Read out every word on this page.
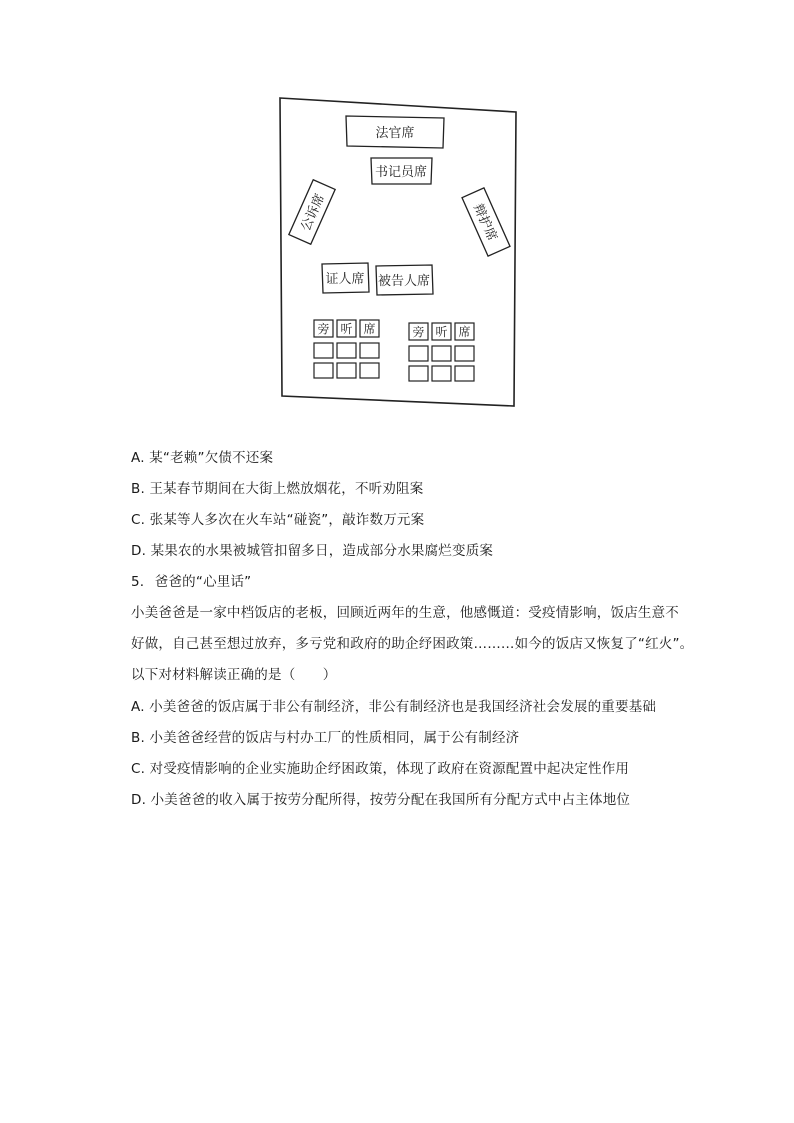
法官席
书记员席
公诉席	辩护席
证人席 被告人席
旁 听 席	旁 听 席
A. 某“老赖”欠债不还案
B. 王某春节期间在大街上燃放烟花，不听劝阻案
C. 张某等人多次在火车站“碰瓷”，敲诈数万元案
D. 某果农的水果被城管扣留多日，造成部分水果腐烂变质案
5. 爸爸的“心里话”
小美爸爸是一家中档饭店的老板，回顾近两年的生意，他感慨道：受疫情影响，饭店生意不
好做，自己甚至想过放弃，多亏党和政府的助企纾困政策………如今的饭店又恢复了“红火”。
以下对材料解读正确的是（　　）
A. 小美爸爸的饭店属于非公有制经济，非公有制经济也是我国经济社会发展的重要基础
B. 小美爸爸经营的饭店与村办工厂的性质相同，属于公有制经济
C. 对受疫情影响的企业实施助企纾困政策，体现了政府在资源配置中起决定性作用
D. 小美爸爸的收入属于按劳分配所得，按劳分配在我国所有分配方式中占主体地位
